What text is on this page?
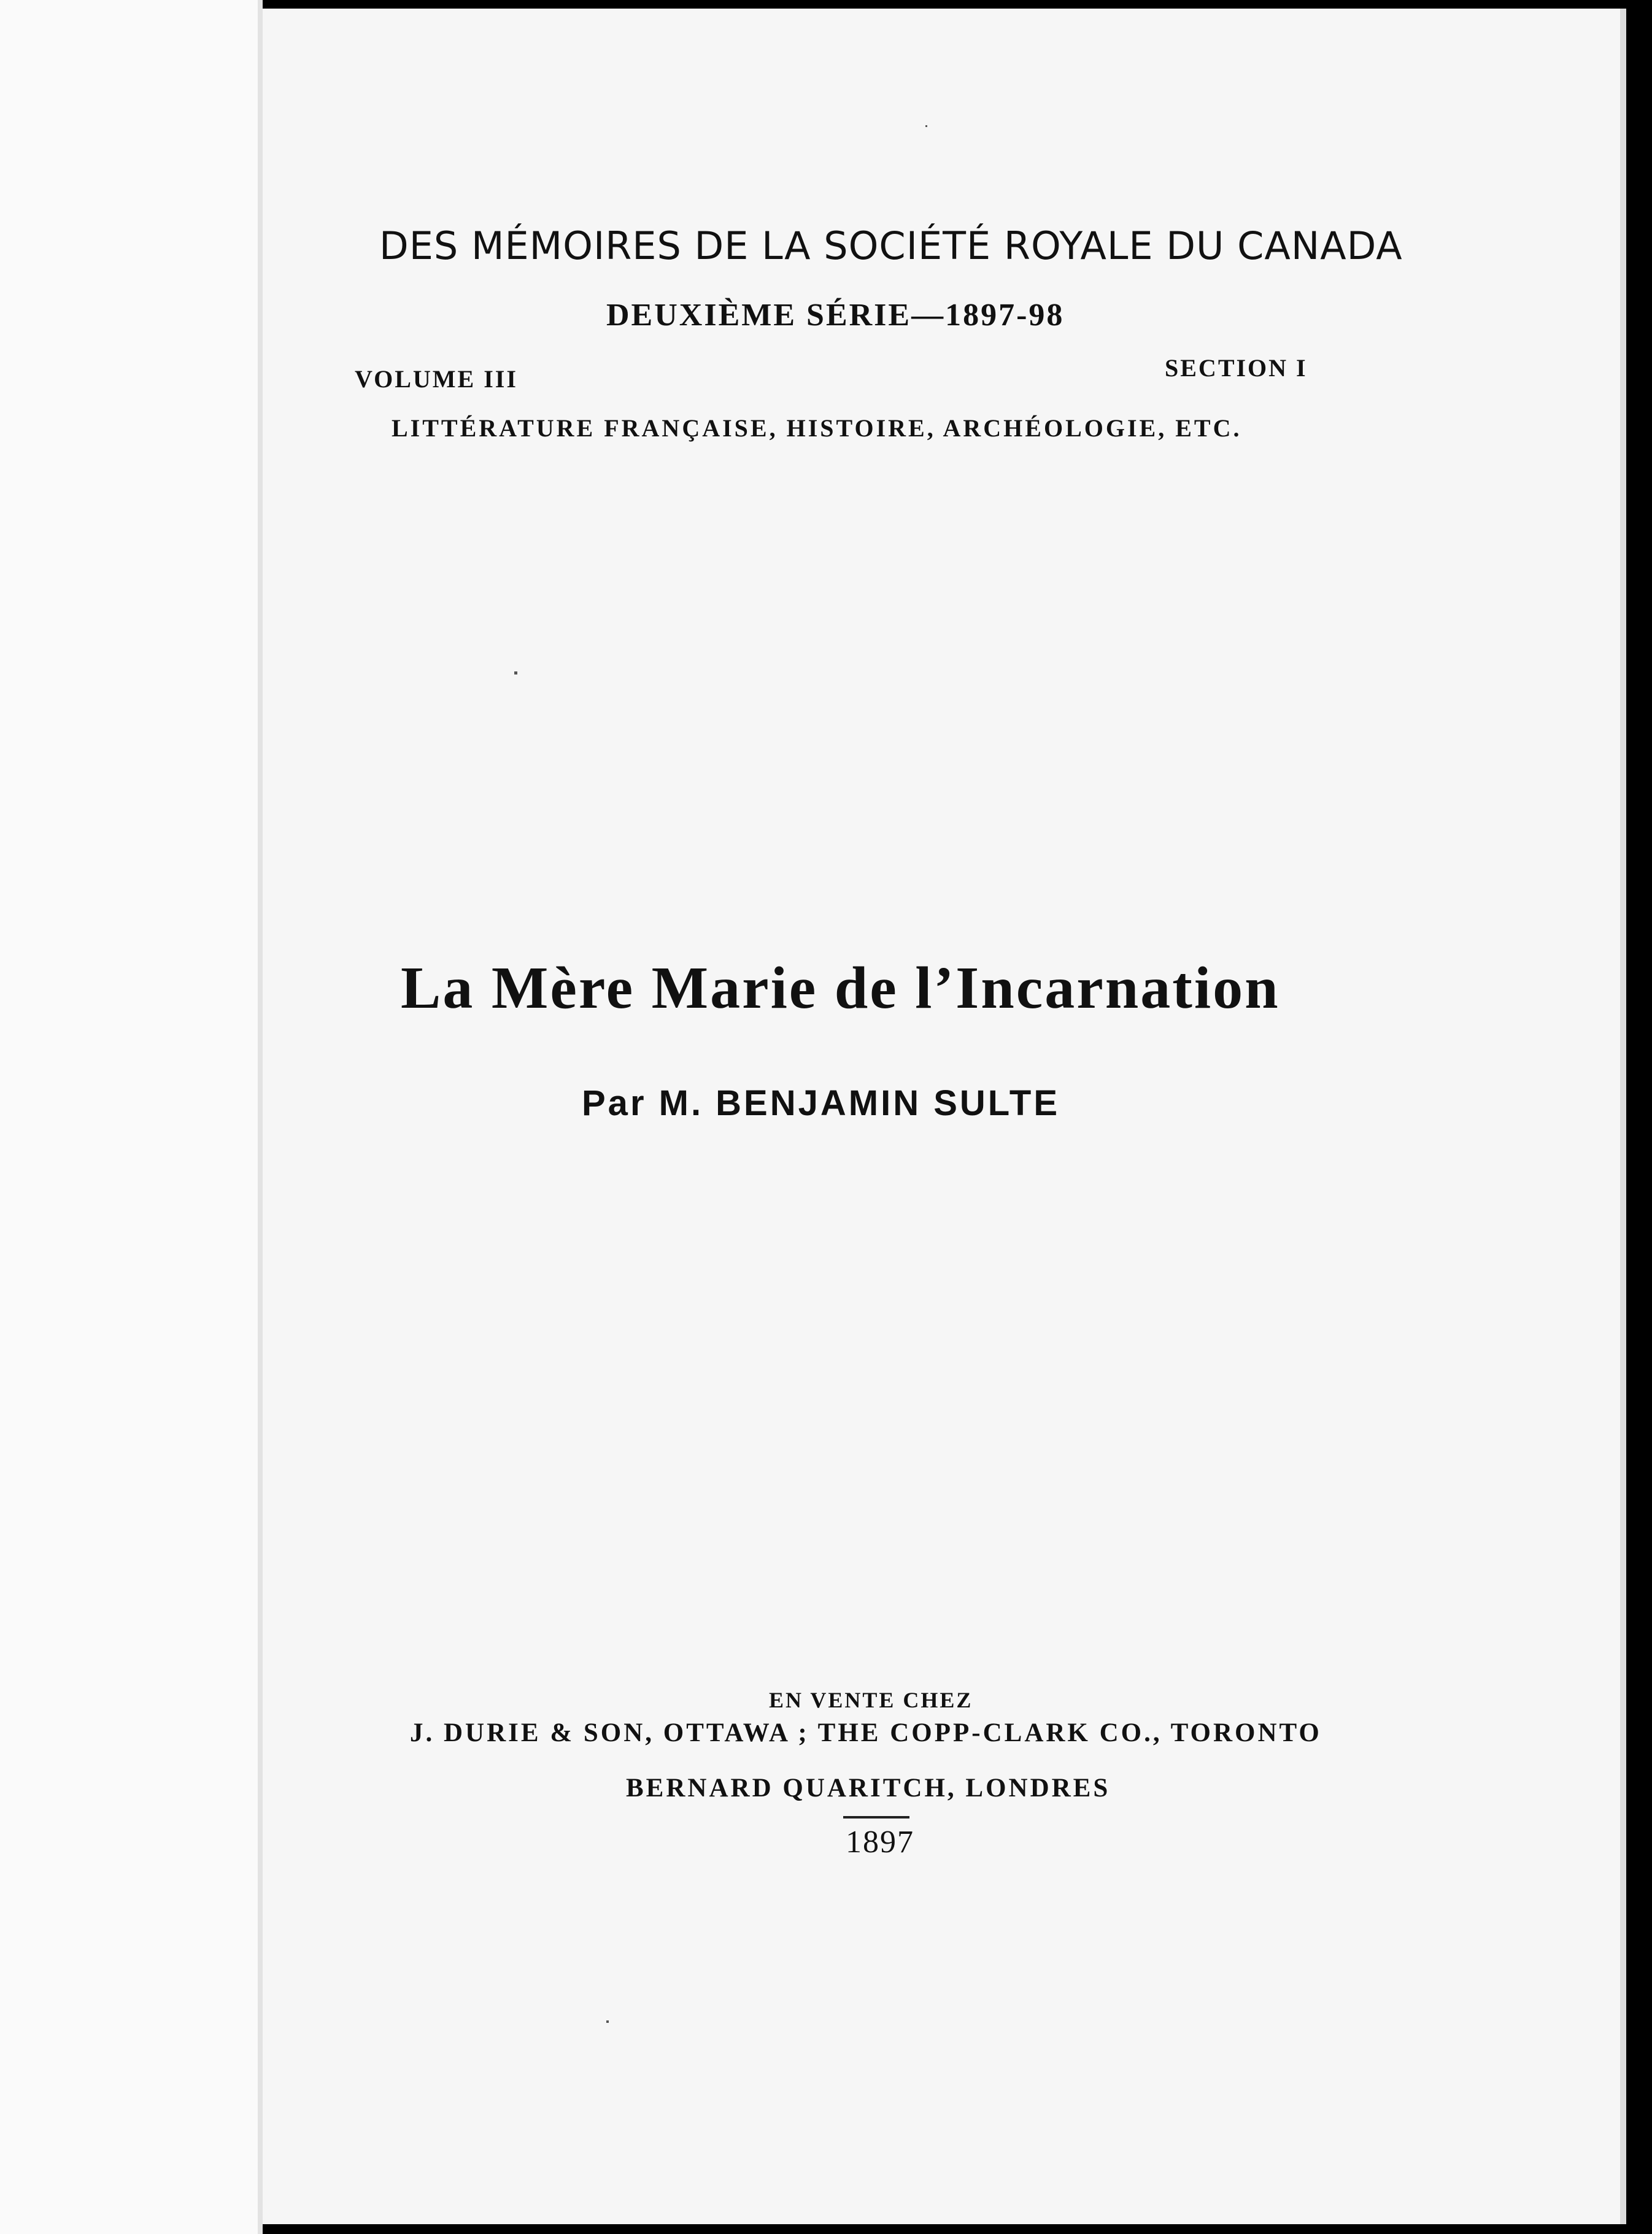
DES MÉMOIRES DE LA SOCIÉTÉ ROYALE DU CANADA
DEUXIÈME SÉRIE—1897-98
VOLUME III	SECTION I
LITTÉRATURE FRANÇAISE, HISTOIRE, ARCHÉOLOGIE, ETC.
La Mère Marie de l’Incarnation
Par M. BENJAMIN SULTE
EN VENTE CHEZ
J. DURIE & SON, OTTAWA ; THE COPP-CLARK CO., TORONTO
BERNARD QUARITCH, LONDRES
1897
